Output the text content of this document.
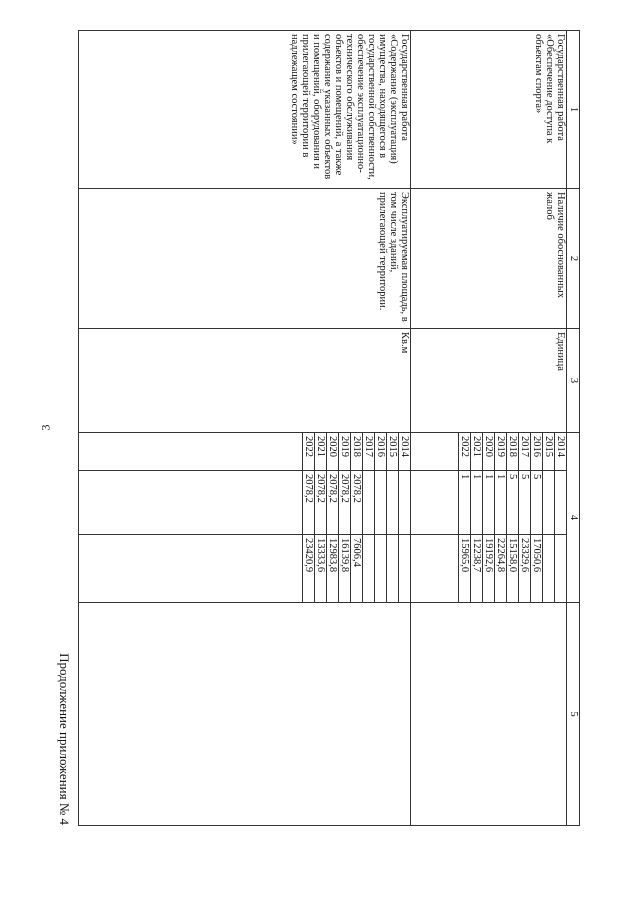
3
Продолжение приложения № 4
1	2	3	4			5
Государственная работа «Обеспечение доступа к объектам спорта»	Наличие обоснованных жалоб	Единица	2014			
			2015			
			2016	5	17050,6	
			2017	5	23329,6	
			2018	5	15158,0	
			2019	1	22264,8	
			2020	1	19192,6	
			2021	1	12238,7	
			2022	1	15965,0	

Государственная работа «Содержание (эксплуатация) имущества, находящегося в государственной собственности, обеспечение эксплуатационно-технического обслуживания объектов и помещений, а также содержание указанных объектов и помещений, оборудования и прилегающей территории в надлежащем состоянии»	Эксплуатируемая площадь, в том числе зданий, прилегающей территории.	Кв.м	2014			
			2015			
			2016			
			2017			
			2018	2078,2	7606,4	
			2019	2078,2	16139,8	
			2020	2078,2	12983,8	
			2021	2078,2	13333,6	
			2022	2078,2	23420,9	
